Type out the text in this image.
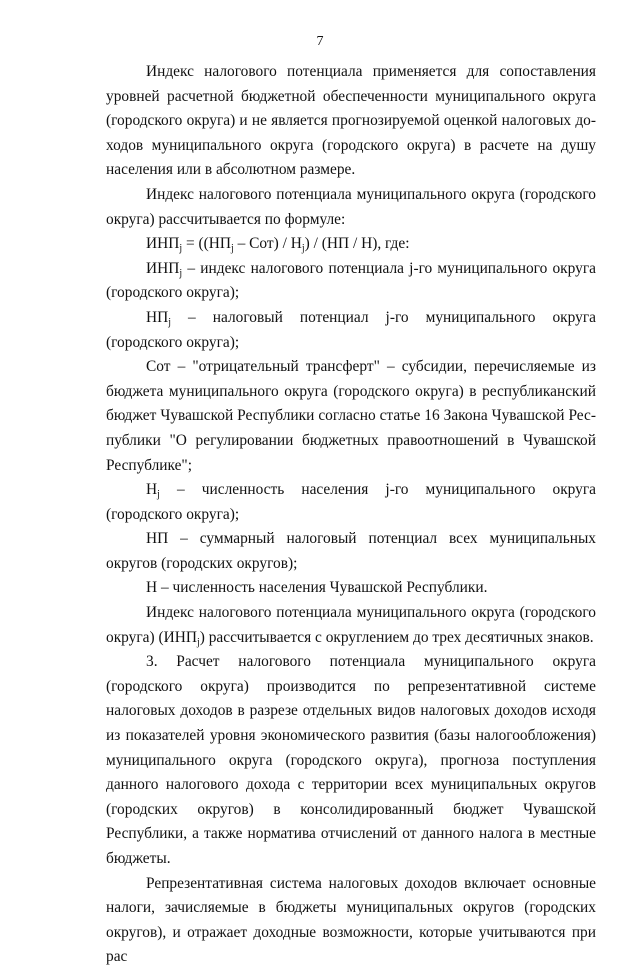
7

Индекс налогового потенциала применяется для сопоставления уровней расчетной бюджетной обеспеченности муниципального округа (городского округа) и не является прогнозируемой оценкой налоговых доходов муниципального округа (городского округа) в расчете на душу населения или в абсолютном размере.

Индекс налогового потенциала муниципального округа (городского округа) рассчитывается по формуле:

$ИНП_j = ((НП_j - Сот) / Н_j) / (НП / Н)$, где:

$ИНП_j$ – индекс налогового потенциала j-го муниципального округа (городского округа);

$НП_j$ – налоговый потенциал j-го муниципального округа (городского округа);

Сот – "отрицательный трансферт" – субсидии, перечисляемые из бюджета муниципального округа (городского округа) в республиканский бюджет Чувашской Республики согласно статье 16 Закона Чувашской Республики "О регулировании бюджетных правоотношений в Чувашской Республике";

$Н_j$ – численность населения j-го муниципального округа (городского округа);

НП – суммарный налоговый потенциал всех муниципальных округов (городских округов);

Н – численность населения Чувашской Республики.

Индекс налогового потенциала муниципального округа (городского округа) $(ИНП_j)$ рассчитывается с округлением до трех десятичных знаков.

3. Расчет налогового потенциала муниципального округа (городского округа) производится по репрезентативной системе налоговых доходов в разрезе отдельных видов налоговых доходов исходя из показателей уровня экономического развития (базы налогообложения) муниципального округа (городского округа), прогноза поступления данного налогового дохода с территории всех муниципальных округов (городских округов) в консолидированный бюджет Чувашской Республики, а также норматива отчислений от данного налога в местные бюджеты.

Репрезентативная система налоговых доходов включает основные налоги, зачисляемые в бюджеты муниципальных округов (городских округов), и отражает доходные возможности, которые учитываются при рас
